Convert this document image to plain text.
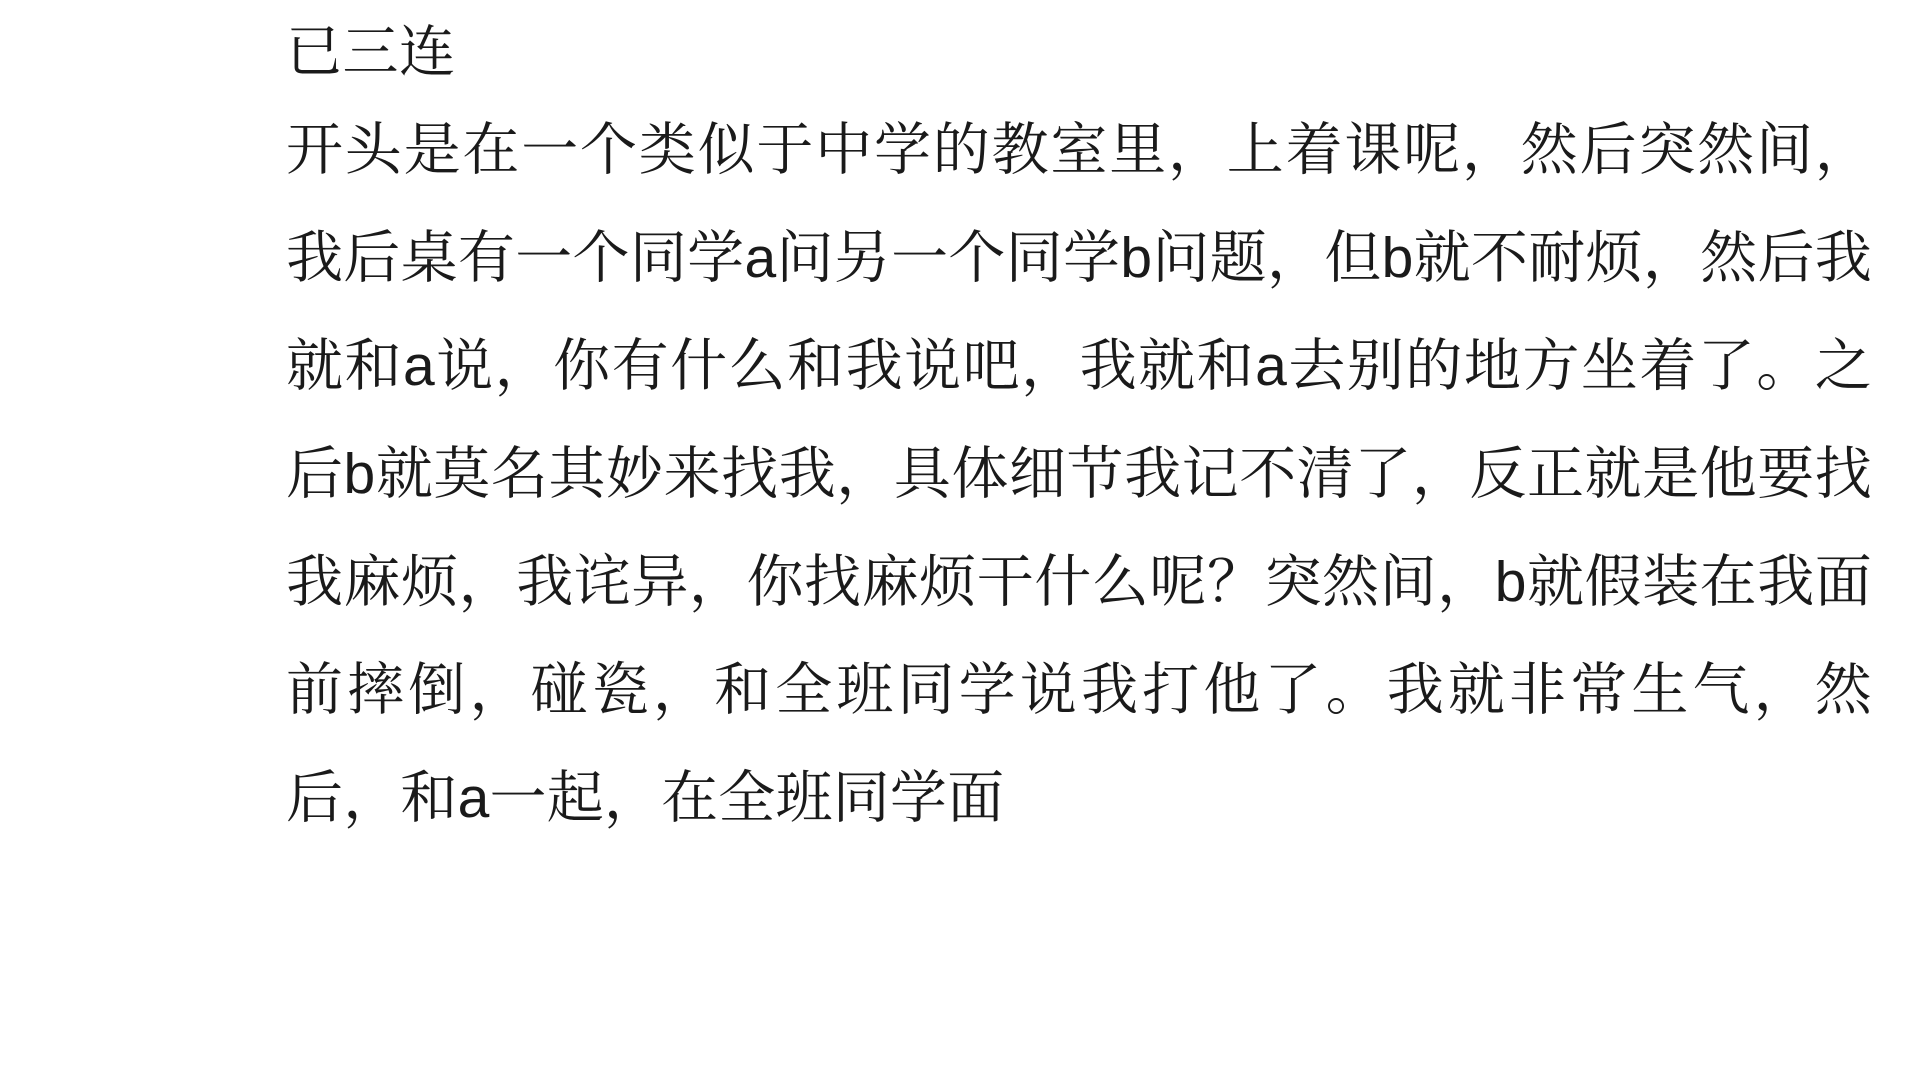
已三连

开头是在一个类似于中学的教室里，上着课呢，然后突然间，我后桌有一个同学a问另一个同学b问题，但b就不耐烦，然后我就和a说，你有什么和我说吧，我就和a去别的地方坐着了。之后b就莫名其妙来找我，具体细节我记不清了，反正就是他要找我麻烦，我诧异，你找麻烦干什么呢？突然间，b就假装在我面前摔倒，碰瓷，和全班同学说我打他了。我就非常生气，然后，和a一起，在全班同学面
